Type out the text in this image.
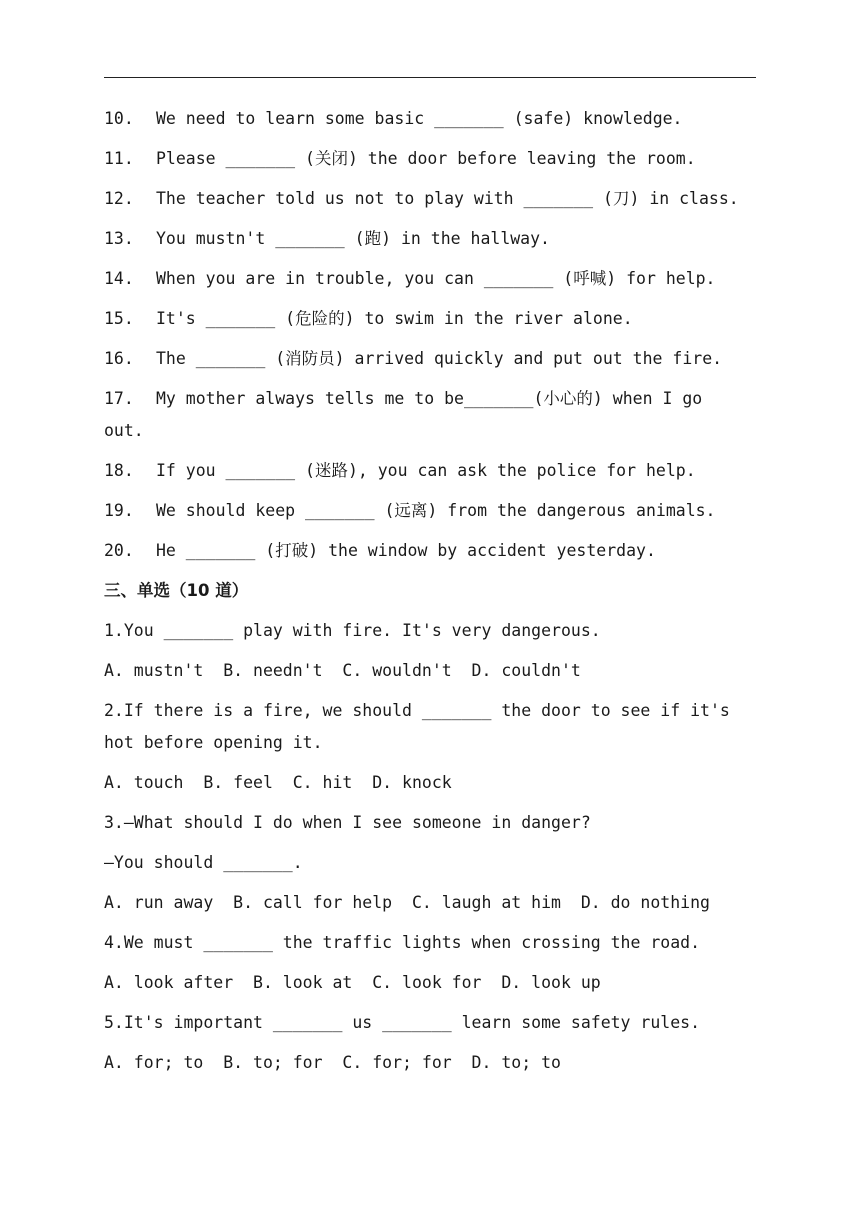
10.	We need to learn some basic _______ (safe) knowledge.
11.	Please _______ (关闭) the door before leaving the room.
12.	The teacher told us not to play with _______ (刀) in class.
13.	You mustn't _______ (跑) in the hallway.
14.	When you are in trouble, you can _______ (呼喊) for help.
15.	It's _______ (危险的) to swim in the river alone.
16.	The _______ (消防员) arrived quickly and put out the fire.
17. My mother always tells me to be_______(小心的) when I go out.
18.	If you _______ (迷路), you can ask the police for help.
19.	We should keep _______ (远离) from the dangerous animals.
20.	He _______ (打破) the window by accident yesterday.
三、单选（10 道）
1.You _______ play with fire. It's very dangerous.
A. mustn't  B. needn't  C. wouldn't  D. couldn't
2.If there is a fire, we should _______ the door to see if it's hot before opening it.
A. touch  B. feel  C. hit  D. knock
3.—What should I do when I see someone in danger?
—You should _______.
A. run away  B. call for help  C. laugh at him  D. do nothing
4.We must _______ the traffic lights when crossing the road.
A. look after  B. look at  C. look for  D. look up
5.It's important _______ us _______ learn some safety rules.
A. for; to  B. to; for  C. for; for  D. to; to
